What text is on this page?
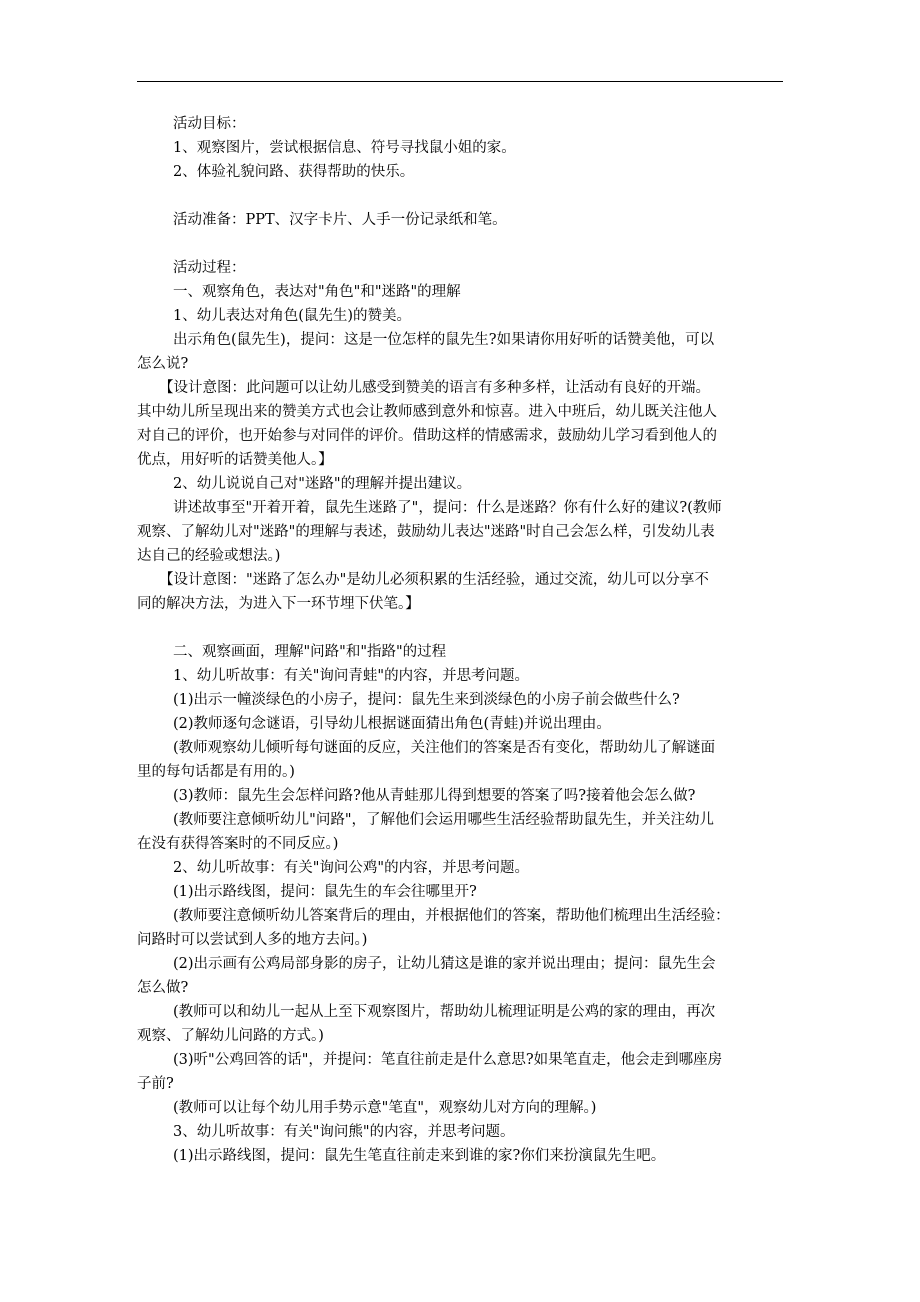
活动目标：
1、观察图片，尝试根据信息、符号寻找鼠小姐的家。
2、体验礼貌问路、获得帮助的快乐。
活动准备：PPT、汉字卡片、人手一份记录纸和笔。
活动过程：
一、观察角色，表达对"角色"和"迷路"的理解
1、幼儿表达对角色(鼠先生)的赞美。
出示角色(鼠先生)，提问：这是一位怎样的鼠先生?如果请你用好听的话赞美他，可以
怎么说?
【设计意图：此问题可以让幼儿感受到赞美的语言有多种多样，让活动有良好的开端。
其中幼儿所呈现出来的赞美方式也会让教师感到意外和惊喜。进入中班后，幼儿既关注他人
对自己的评价，也开始参与对同伴的评价。借助这样的情感需求，鼓励幼儿学习看到他人的
优点，用好听的话赞美他人。】
2、幼儿说说自己对"迷路"的理解并提出建议。
讲述故事至"开着开着，鼠先生迷路了"，提问：什么是迷路？你有什么好的建议?(教师
观察、了解幼儿对"迷路"的理解与表述，鼓励幼儿表达"迷路"时自己会怎么样，引发幼儿表
达自己的经验或想法。)
【设计意图："迷路了怎么办"是幼儿必须积累的生活经验，通过交流，幼儿可以分享不
同的解决方法，为进入下一环节埋下伏笔。】
二、观察画面，理解"问路"和"指路"的过程
1、幼儿听故事：有关"询问青蛙"的内容，并思考问题。
(1)出示一幢淡绿色的小房子，提问：鼠先生来到淡绿色的小房子前会做些什么?
(2)教师逐句念谜语，引导幼儿根据谜面猜出角色(青蛙)并说出理由。
(教师观察幼儿倾听每句谜面的反应，关注他们的答案是否有变化，帮助幼儿了解谜面
里的每句话都是有用的。)
(3)教师：鼠先生会怎样问路?他从青蛙那儿得到想要的答案了吗?接着他会怎么做?
(教师要注意倾听幼儿"问路"，了解他们会运用哪些生活经验帮助鼠先生，并关注幼儿
在没有获得答案时的不同反应。)
2、幼儿听故事：有关"询问公鸡"的内容，并思考问题。
(1)出示路线图，提问：鼠先生的车会往哪里开?
(教师要注意倾听幼儿答案背后的理由，并根据他们的答案，帮助他们梳理出生活经验：
问路时可以尝试到人多的地方去问。)
(2)出示画有公鸡局部身影的房子，让幼儿猜这是谁的家并说出理由；提问：鼠先生会
怎么做?
(教师可以和幼儿一起从上至下观察图片，帮助幼儿梳理证明是公鸡的家的理由，再次
观察、了解幼儿问路的方式。)
(3)听"公鸡回答的话"，并提问：笔直往前走是什么意思?如果笔直走，他会走到哪座房
子前?
(教师可以让每个幼儿用手势示意"笔直"，观察幼儿对方向的理解。)
3、幼儿听故事：有关"询问熊"的内容，并思考问题。
(1)出示路线图，提问：鼠先生笔直往前走来到谁的家?你们来扮演鼠先生吧。
